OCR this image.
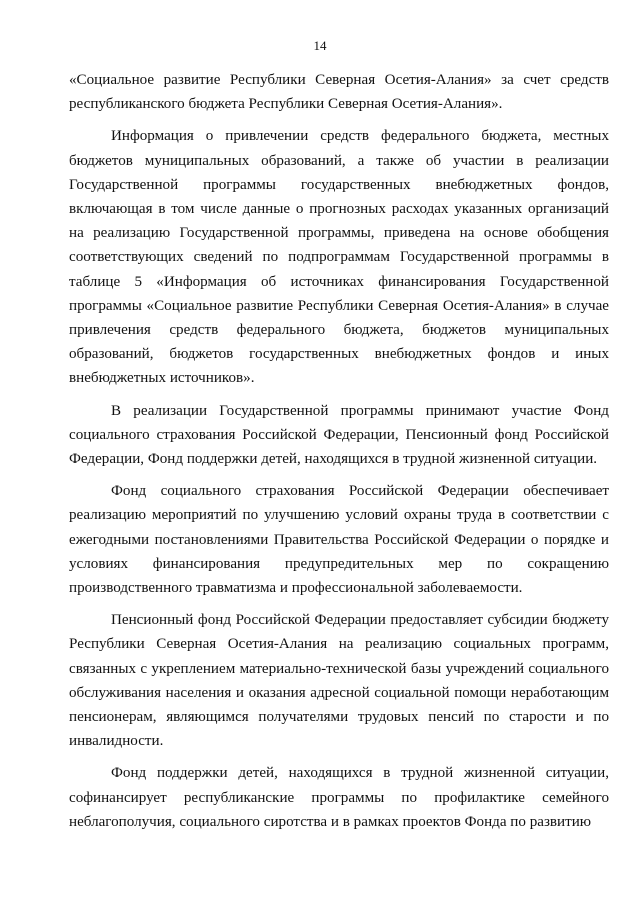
14

«Социальное развитие Республики Северная Осетия-Алания» за счет средств республиканского бюджета Республики Северная Осетия-Алания».

Информация о привлечении средств федерального бюджета, местных бюджетов муниципальных образований, а также об участии в реализации Государственной программы государственных внебюджетных фондов, включающая в том числе данные о прогнозных расходах указанных организаций на реализацию Государственной программы, приведена на основе обобщения соответствующих сведений по подпрограммам Государственной программы в таблице 5 «Информация об источниках финансирования Государственной программы «Социальное развитие Республики Северная Осетия-Алания» в случае привлечения средств федерального бюджета, бюджетов муниципальных образований, бюджетов государственных внебюджетных фондов и иных внебюджетных источников».

В реализации Государственной программы принимают участие Фонд социального страхования Российской Федерации, Пенсионный фонд Российской Федерации, Фонд поддержки детей, находящихся в трудной жизненной ситуации.

Фонд социального страхования Российской Федерации обеспечивает реализацию мероприятий по улучшению условий охраны труда в соответствии с ежегодными постановлениями Правительства Российской Федерации о порядке и условиях финансирования предупредительных мер по сокращению производственного травматизма и профессиональной заболеваемости.

Пенсионный фонд Российской Федерации предоставляет субсидии бюджету Республики Северная Осетия-Алания на реализацию социальных программ, связанных с укреплением материально-технической базы учреждений социального обслуживания населения и оказания адресной социальной помощи неработающим пенсионерам, являющимся получателями трудовых пенсий по старости и по инвалидности.

Фонд поддержки детей, находящихся в трудной жизненной ситуации, софинансирует республиканские программы по профилактике семейного неблагополучия, социального сиротства и в рамках проектов Фонда по развитию
